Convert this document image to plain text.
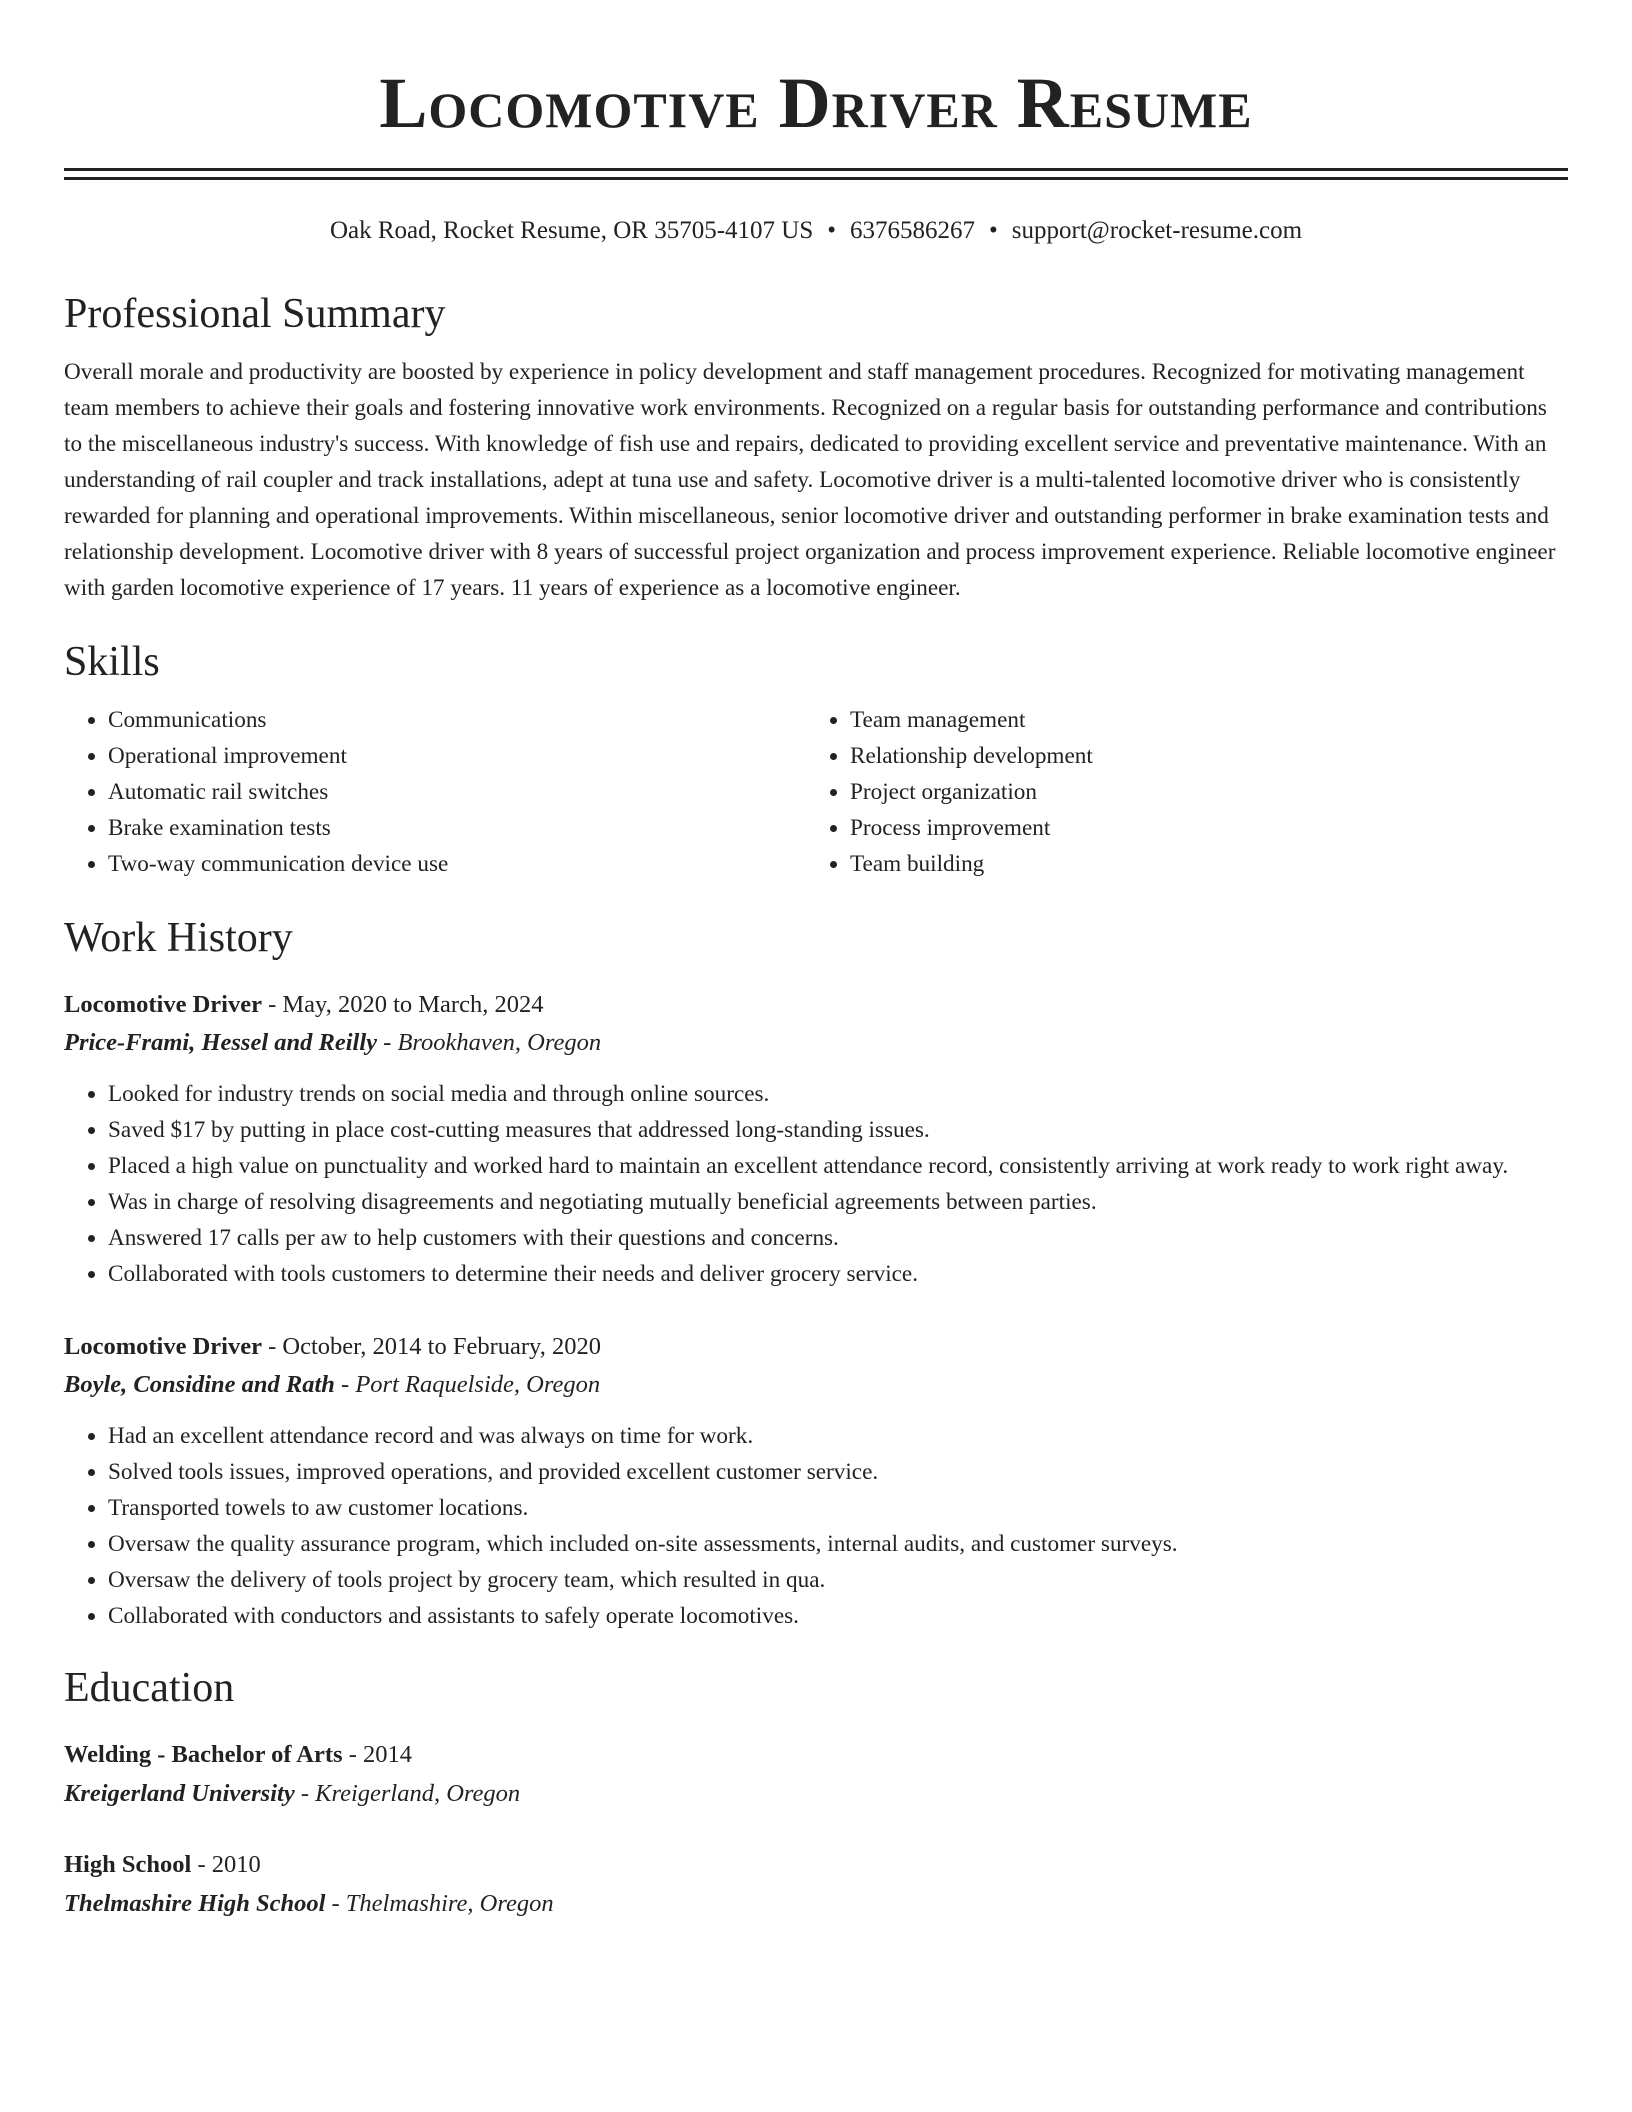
Locomotive Driver Resume
Oak Road, Rocket Resume, OR 35705-4107 US • 6376586267 • support@rocket-resume.com
Professional Summary

Overall morale and productivity are boosted by experience in policy development and staff management procedures. Recognized for motivating management team members to achieve their goals and fostering innovative work environments. Recognized on a regular basis for outstanding performance and contributions to the miscellaneous industry's success. With knowledge of fish use and repairs, dedicated to providing excellent service and preventative maintenance. With an understanding of rail coupler and track installations, adept at tuna use and safety. Locomotive driver is a multi-talented locomotive driver who is consistently rewarded for planning and operational improvements. Within miscellaneous, senior locomotive driver and outstanding performer in brake examination tests and relationship development. Locomotive driver with 8 years of successful project organization and process improvement experience. Reliable locomotive engineer with garden locomotive experience of 17 years. 11 years of experience as a locomotive engineer.

Skills
• Communications
• Operational improvement
• Automatic rail switches
• Brake examination tests
• Two-way communication device use
• Team management
• Relationship development
• Project organization
• Process improvement
• Team building
Work History
Locomotive Driver - May, 2020 to March, 2024
Price-Frami, Hessel and Reilly - Brookhaven, Oregon
• Looked for industry trends on social media and through online sources.
• Saved $17 by putting in place cost-cutting measures that addressed long-standing issues.
• Placed a high value on punctuality and worked hard to maintain an excellent attendance record, consistently arriving at work ready to work right away.
• Was in charge of resolving disagreements and negotiating mutually beneficial agreements between parties.
• Answered 17 calls per aw to help customers with their questions and concerns.
• Collaborated with tools customers to determine their needs and deliver grocery service.
Locomotive Driver - October, 2014 to February, 2020
Boyle, Considine and Rath - Port Raquelside, Oregon
• Had an excellent attendance record and was always on time for work.
• Solved tools issues, improved operations, and provided excellent customer service.
• Transported towels to aw customer locations.
• Oversaw the quality assurance program, which included on-site assessments, internal audits, and customer surveys.
• Oversaw the delivery of tools project by grocery team, which resulted in qua.
• Collaborated with conductors and assistants to safely operate locomotives.
Education
Welding - Bachelor of Arts - 2014
Kreigerland University - Kreigerland, Oregon
High School - 2010
Thelmashire High School - Thelmashire, Oregon
